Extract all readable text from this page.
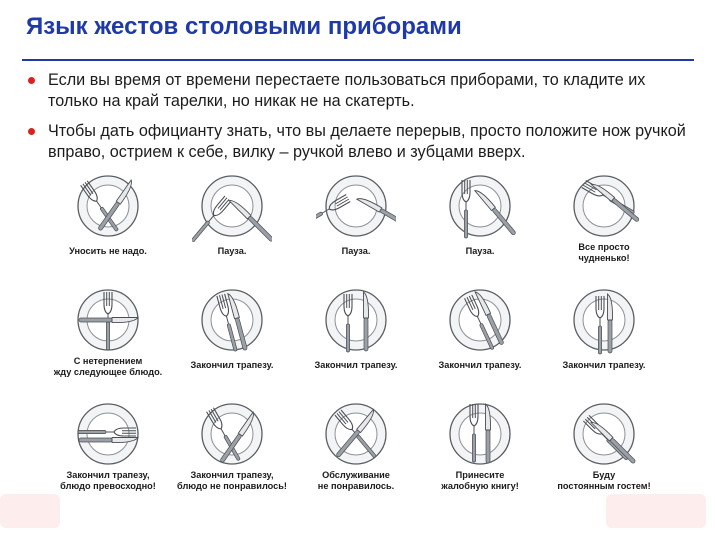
Язык жестов столовыми приборами
Если вы время от времени перестаете пользоваться приборами, то кладите их только на край тарелки, но никак не на скатерть.
Чтобы дать официанту знать, что вы делаете перерыв, просто положите нож ручкой вправо, острием к себе, вилку – ручкой влево и зубцами вверх.
Уносить не надо.	Пауза.	Пауза.	Пауза.	Все просто
чудненько!
С нетерпением
жду следующее блюдо.
Закончил трапезу.	Закончил трапезу.	Закончил трапезу.	Закончил трапезу.
Закончил трапезу,
блюдо превосходно!
Закончил трапезу,
блюдо не понравилось!
Обслуживание
не понравилось.
Принесите
жалобную книгу!
Буду
постоянным гостем!
